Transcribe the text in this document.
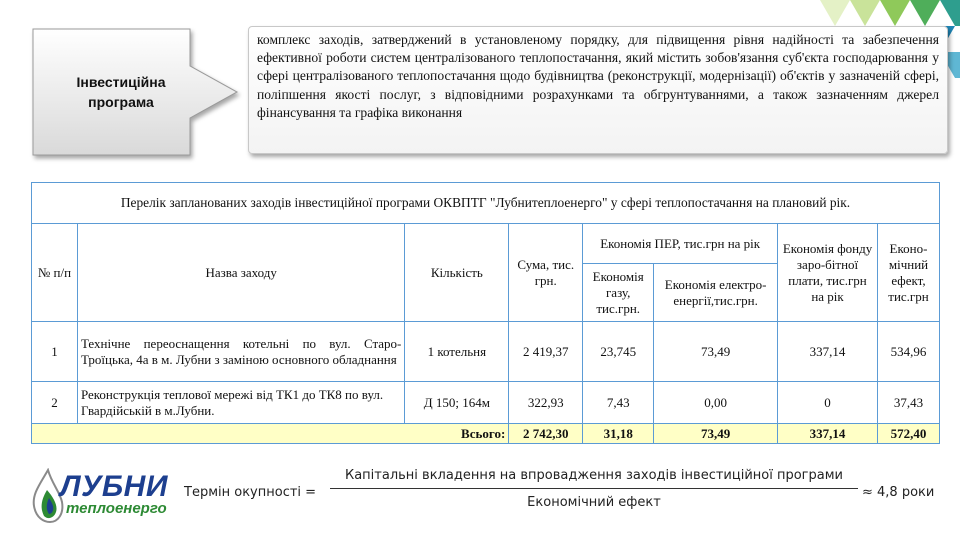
Інвестиційна програма
комплекс заходів, затверджений в установленому порядку, для підвищення рівня надійності та забезпечення ефективної роботи систем централізованого теплопостачання, який містить зобов'язання суб'єкта господарювання у сфері централізованого теплопостачання щодо будівництва (реконструкції, модернізації) об'єктів у зазначеній сфері, поліпшення якості послуг, з відповідними розрахунками та обгрунтуваннями, а також зазначенням джерел фінансування та графіка виконання
Перелік запланованих заходів інвестиційної програми ОКВПТГ "Лубнитеплоенерго" у сфері теплопостачання на плановий рік.							
№ п/п	Назва заходу	Кількість	Сума, тис. грн.	Економія ПЕР, тис.грн на рік		Економія фонду заро-бітної плати, тис.грн на рік	Еконо-мічний ефект, тис.грн
				Економія газу, тис.грн.	Економія електро-енергії,тис.грн.		
1	Технічне переоснащення котельні по вул. Старо-Троїцька, 4а в м. Лубни з заміною основного обладнання	1 котельня	2 419,37	23,745	73,49	337,14	534,96
2	Реконструкція теплової мережі від ТК1 до ТК8 по вул. Гвардійській в м.Лубни.	Д 150; 164м	322,93	7,43	0,00	0	37,43
Всього:			2 742,30	31,18	73,49	337,14	572,40
ЛУБНИ
теплоенерго
Термін окупності =
Капітальні вкладення на впровадження заходів інвестиційної програми
Економічний ефект
≈ 4,8 роки
